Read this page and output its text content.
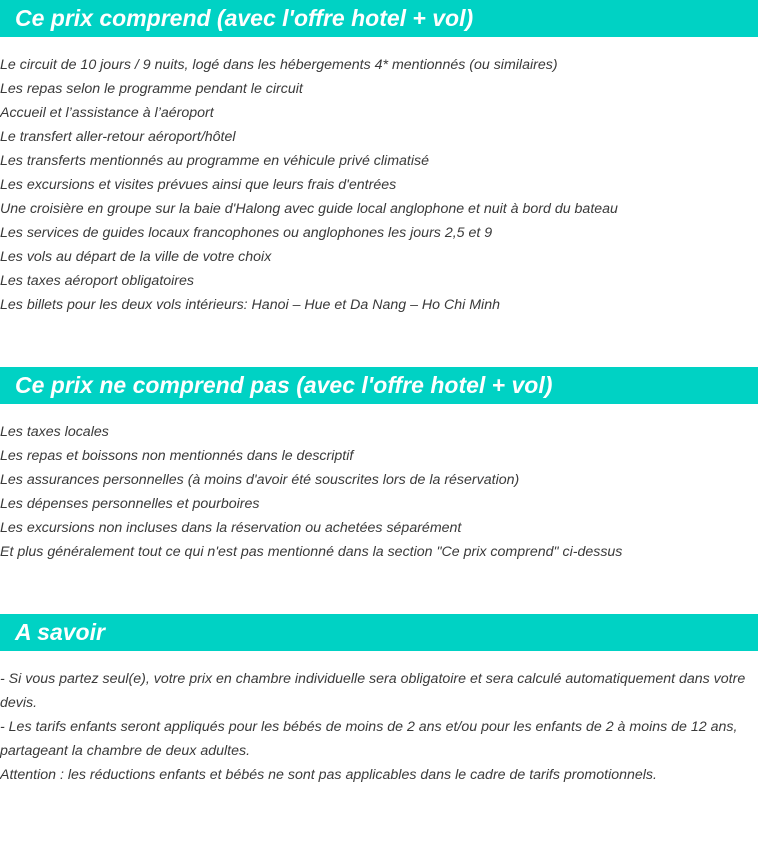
Ce prix comprend (avec l'offre hotel + vol)
Le circuit de 10 jours / 9 nuits, logé dans les hébergements 4* mentionnés (ou similaires)
Les repas selon le programme pendant le circuit
Accueil et l’assistance à l’aéroport
Le transfert aller-retour aéroport/hôtel
Les transferts mentionnés au programme en véhicule privé climatisé
Les excursions et visites prévues ainsi que leurs frais d'entrées
Une croisière en groupe sur la baie d'Halong avec guide local anglophone et nuit à bord du bateau
Les services de guides locaux francophones ou anglophones les jours 2,5 et 9
Les vols au départ de la ville de votre choix
Les taxes aéroport obligatoires
Les billets pour les deux vols intérieurs: Hanoi – Hue et Da Nang – Ho Chi Minh
Ce prix ne comprend pas (avec l'offre hotel + vol)
Les taxes locales
Les repas et boissons non mentionnés dans le descriptif
Les assurances personnelles (à moins d'avoir été souscrites lors de la réservation)
Les dépenses personnelles et pourboires
Les excursions non incluses dans la réservation ou achetées séparément
Et plus généralement tout ce qui n'est pas mentionné dans la section "Ce prix comprend" ci-dessus
A savoir
- Si vous partez seul(e), votre prix en chambre individuelle sera obligatoire et sera calculé automatiquement dans votre devis.
- Les tarifs enfants seront appliqués pour les bébés de moins de 2 ans et/ou pour les enfants de 2 à moins de 12 ans, partageant la chambre de deux adultes.
Attention : les réductions enfants et bébés ne sont pas applicables dans le cadre de tarifs promotionnels.
